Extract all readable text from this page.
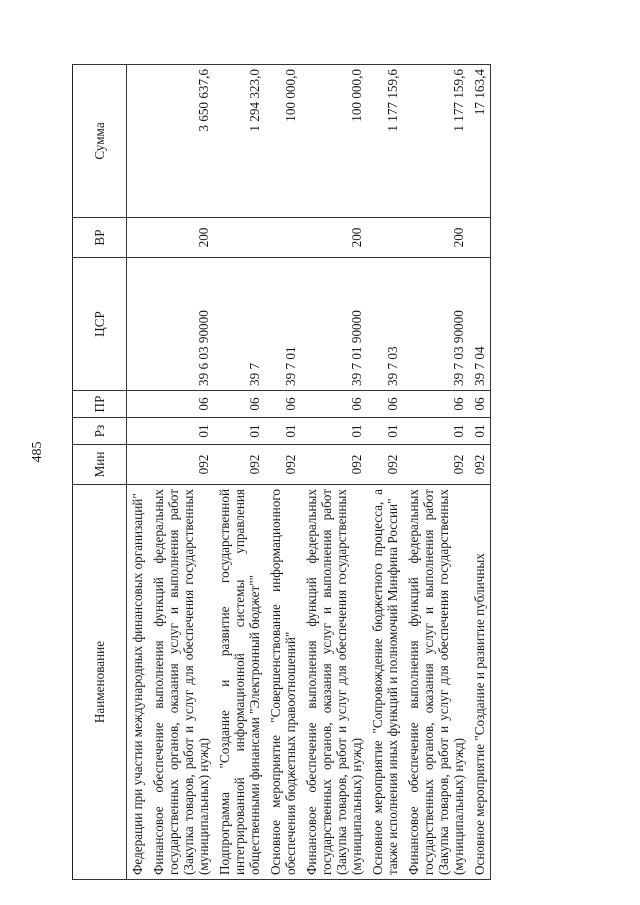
485
Наименование	Мин	Рз	ПР	ЦСР	ВР	Сумма
Федерации при участии международных финансовых организаций"						
Финансовое обеспечение выполнения функций федеральных государственных органов, оказания услуг и выполнения работ (Закупка товаров, работ и услуг для обеспечения государственных (муниципальных) нужд)	092	01	06	39 6 03 90000	200	3 650 637,6
Подпрограмма "Создание и развитие государственной интегрированной информационной системы управления общественными финансами "Электронный бюджет""	092	01	06	39 7		1 294 323,0
Основное мероприятие "Совершенствование информационного обеспечения бюджетных правоотношений"	092	01	06	39 7 01		100 000,0
Финансовое обеспечение выполнения функций федеральных государственных органов, оказания услуг и выполнения работ (Закупка товаров, работ и услуг для обеспечения государственных (муниципальных) нужд)	092	01	06	39 7 01 90000	200	100 000,0
Основное мероприятие "Сопровождение бюджетного процесса, а также исполнения иных функций и полномочий Минфина России"	092	01	06	39 7 03		1 177 159,6
Финансовое обеспечение выполнения функций федеральных государственных органов, оказания услуг и выполнения работ (Закупка товаров, работ и услуг для обеспечения государственных (муниципальных) нужд)	092	01	06	39 7 03 90000	200	1 177 159,6
Основное мероприятие "Создание и развитие публичных	092	01	06	39 7 04		17 163,4
